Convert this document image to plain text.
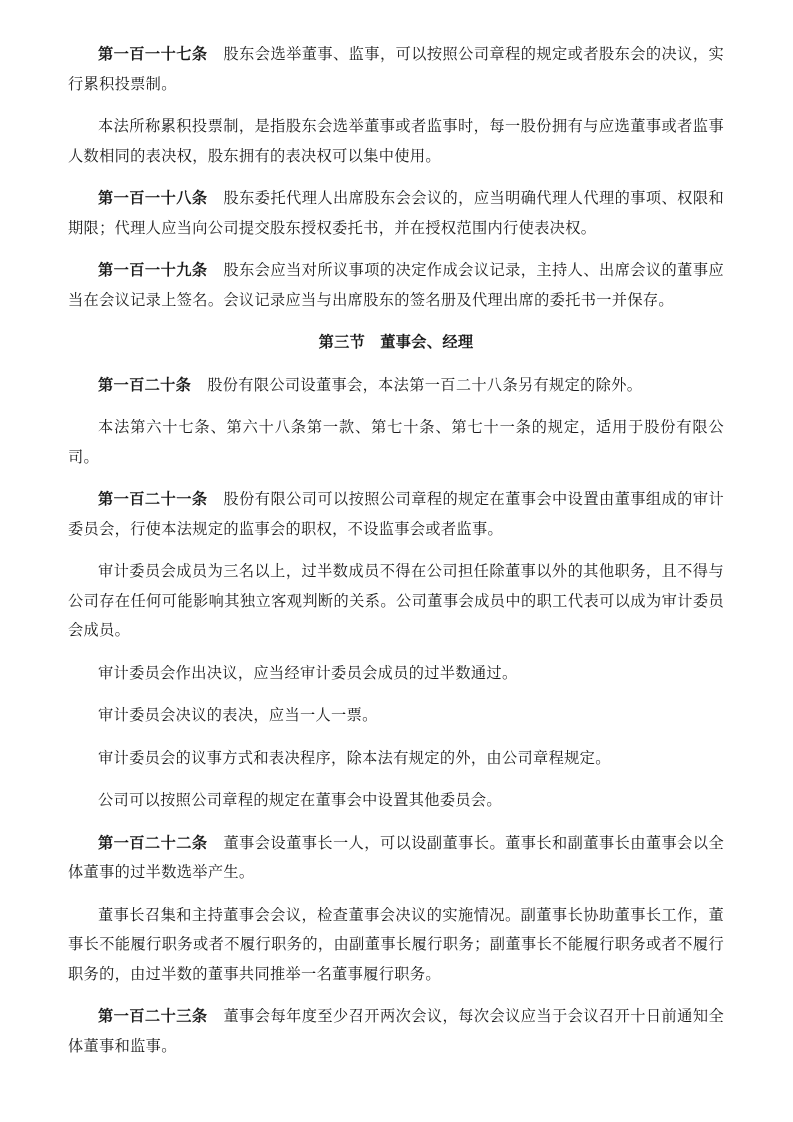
第一百一十七条 股东会选举董事、监事，可以按照公司章程的规定或者股东会的决议，实行累积投票制。

本法所称累积投票制，是指股东会选举董事或者监事时，每一股份拥有与应选董事或者监事人数相同的表决权，股东拥有的表决权可以集中使用。

第一百一十八条 股东委托代理人出席股东会会议的，应当明确代理人代理的事项、权限和期限；代理人应当向公司提交股东授权委托书，并在授权范围内行使表决权。

第一百一十九条 股东会应当对所议事项的决定作成会议记录，主持人、出席会议的董事应当在会议记录上签名。会议记录应当与出席股东的签名册及代理出席的委托书一并保存。

第三节 董事会、经理

第一百二十条 股份有限公司设董事会，本法第一百二十八条另有规定的除外。

本法第六十七条、第六十八条第一款、第七十条、第七十一条的规定，适用于股份有限公司。

第一百二十一条 股份有限公司可以按照公司章程的规定在董事会中设置由董事组成的审计委员会，行使本法规定的监事会的职权，不设监事会或者监事。

审计委员会成员为三名以上，过半数成员不得在公司担任除董事以外的其他职务，且不得与公司存在任何可能影响其独立客观判断的关系。公司董事会成员中的职工代表可以成为审计委员会成员。

审计委员会作出决议，应当经审计委员会成员的过半数通过。

审计委员会决议的表决，应当一人一票。

审计委员会的议事方式和表决程序，除本法有规定的外，由公司章程规定。

公司可以按照公司章程的规定在董事会中设置其他委员会。

第一百二十二条 董事会设董事长一人，可以设副董事长。董事长和副董事长由董事会以全体董事的过半数选举产生。

董事长召集和主持董事会会议，检查董事会决议的实施情况。副董事长协助董事长工作，董事长不能履行职务或者不履行职务的，由副董事长履行职务；副董事长不能履行职务或者不履行职务的，由过半数的董事共同推举一名董事履行职务。

第一百二十三条 董事会每年度至少召开两次会议，每次会议应当于会议召开十日前通知全体董事和监事。
